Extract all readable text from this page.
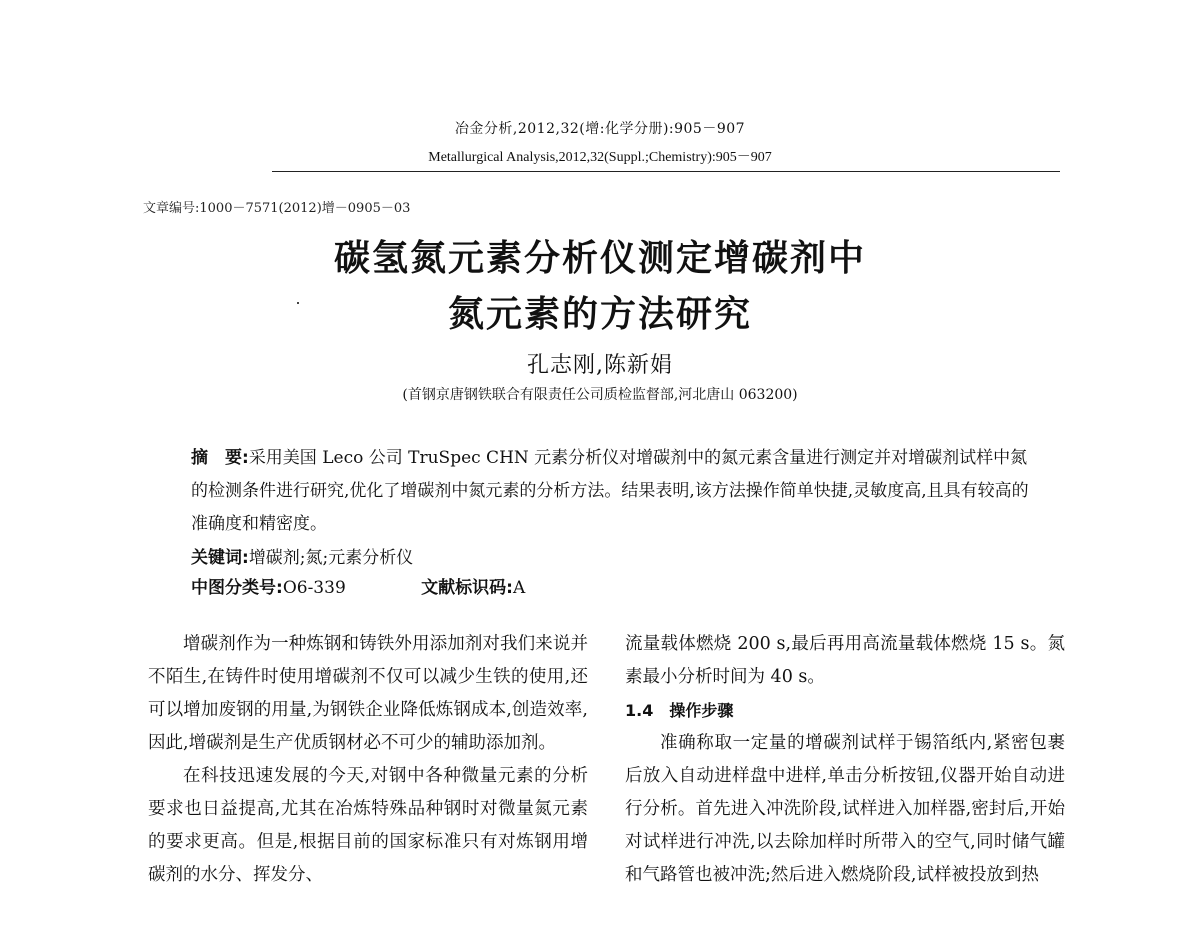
冶金分析,2012,32(增:化学分册):905－907
Metallurgical Analysis,2012,32(Suppl.;Chemistry):905－907
文章编号:1000－7571(2012)增－0905－03
碳氢氮元素分析仪测定增碳剂中
氮元素的方法研究
孔志刚,陈新娟
(首钢京唐钢铁联合有限责任公司质检监督部,河北唐山 063200)
摘　要:采用美国 Leco 公司 TruSpec CHN 元素分析仪对增碳剂中的氮元素含量进行测定并对增碳剂试样中氮的检测条件进行研究,优化了增碳剂中氮元素的分析方法。结果表明,该方法操作简单快捷,灵敏度高,且具有较高的准确度和精密度。
关键词:增碳剂;氮;元素分析仪
中图分类号:O6-339	文献标识码:A

增碳剂作为一种炼钢和铸铁外用添加剂对我们来说并不陌生,在铸件时使用增碳剂不仅可以减少生铁的使用,还可以增加废钢的用量,为钢铁企业降低炼钢成本,创造效率,因此,增碳剂是生产优质钢材必不可少的辅助添加剂。

在科技迅速发展的今天,对钢中各种微量元素的分析要求也日益提高,尤其在冶炼特殊品种钢时对微量氮元素的要求更高。但是,根据目前的国家标准只有对炼钢用增碳剂的水分、挥发分、

流量载体燃烧 200 s,最后再用高流量载体燃烧 15 s。氮素最小分析时间为 40 s。

1.4　操作步骤

准确称取一定量的增碳剂试样于锡箔纸内,紧密包裹后放入自动进样盘中进样,单击分析按钮,仪器开始自动进行分析。首先进入冲洗阶段,试样进入加样器,密封后,开始对试样进行冲洗,以去除加样时所带入的空气,同时储气罐和气路管也被冲洗;然后进入燃烧阶段,试样被投放到热
